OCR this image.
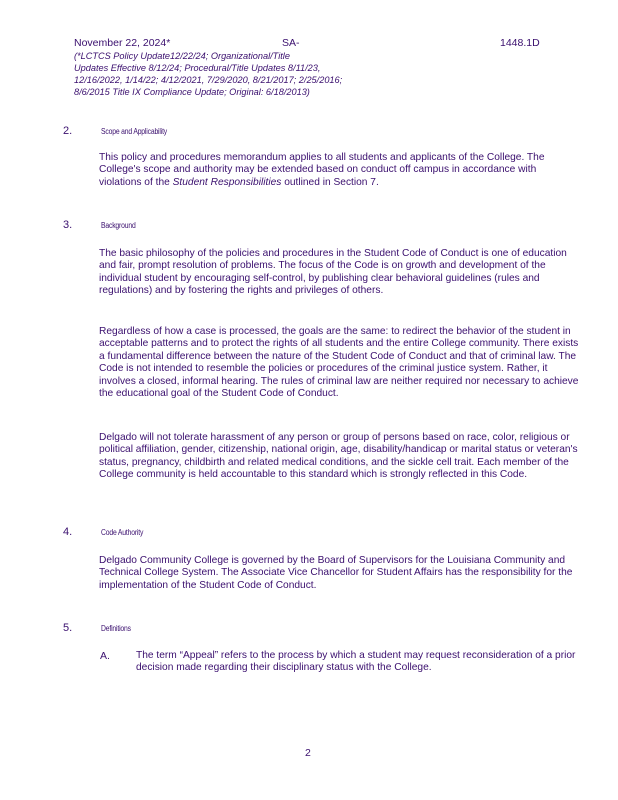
November 22, 2024*	SA-	1448.1D
(*LCTCS Policy Update12/22/24; Organizational/Title
Updates Effective 8/12/24; Procedural/Title Updates 8/11/23,
12/16/2022, 1/14/22; 4/12/2021, 7/29/2020, 8/21/2017; 2/25/2016;
8/6/2015 Title IX Compliance Update; Original: 6/18/2013)
2.	Scope and Applicability

This policy and procedures memorandum applies to all students and applicants of the College. The College's scope and authority may be extended based on conduct off campus in accordance with violations of the Student Responsibilities outlined in Section 7.

3.	Background
The basic philosophy of the policies and procedures in the Student Code of Conduct is one of education and fair, prompt resolution of problems. The focus of the Code is on growth and development of the individual student by encouraging self-control, by publishing clear behavioral guidelines (rules and regulations) and by fostering the rights and privileges of others.
Regardless of how a case is processed, the goals are the same: to redirect the behavior of the student in acceptable patterns and to protect the rights of all students and the entire College community. There exists a fundamental difference between the nature of the Student Code of Conduct and that of criminal law. The Code is not intended to resemble the policies or procedures of the criminal justice system. Rather, it involves a closed, informal hearing. The rules of criminal law are neither required nor necessary to achieve the educational goal of the Student Code of Conduct.
Delgado will not tolerate harassment of any person or group of persons based on race, color, religious or political affiliation, gender, citizenship, national origin, age, disability/handicap or marital status or veteran's status, pregnancy, childbirth and related medical conditions, and the sickle cell trait. Each member of the College community is held accountable to this standard which is strongly reflected in this Code.
4.	Code Authority
Delgado Community College is governed by the Board of Supervisors for the Louisiana Community and Technical College System. The Associate Vice Chancellor for Student Affairs has the responsibility for the implementation of the Student Code of Conduct.
5.	Definitions
A.	The term “Appeal” refers to the process by which a student may request reconsideration of a prior decision made regarding their disciplinary status with the College.
2
